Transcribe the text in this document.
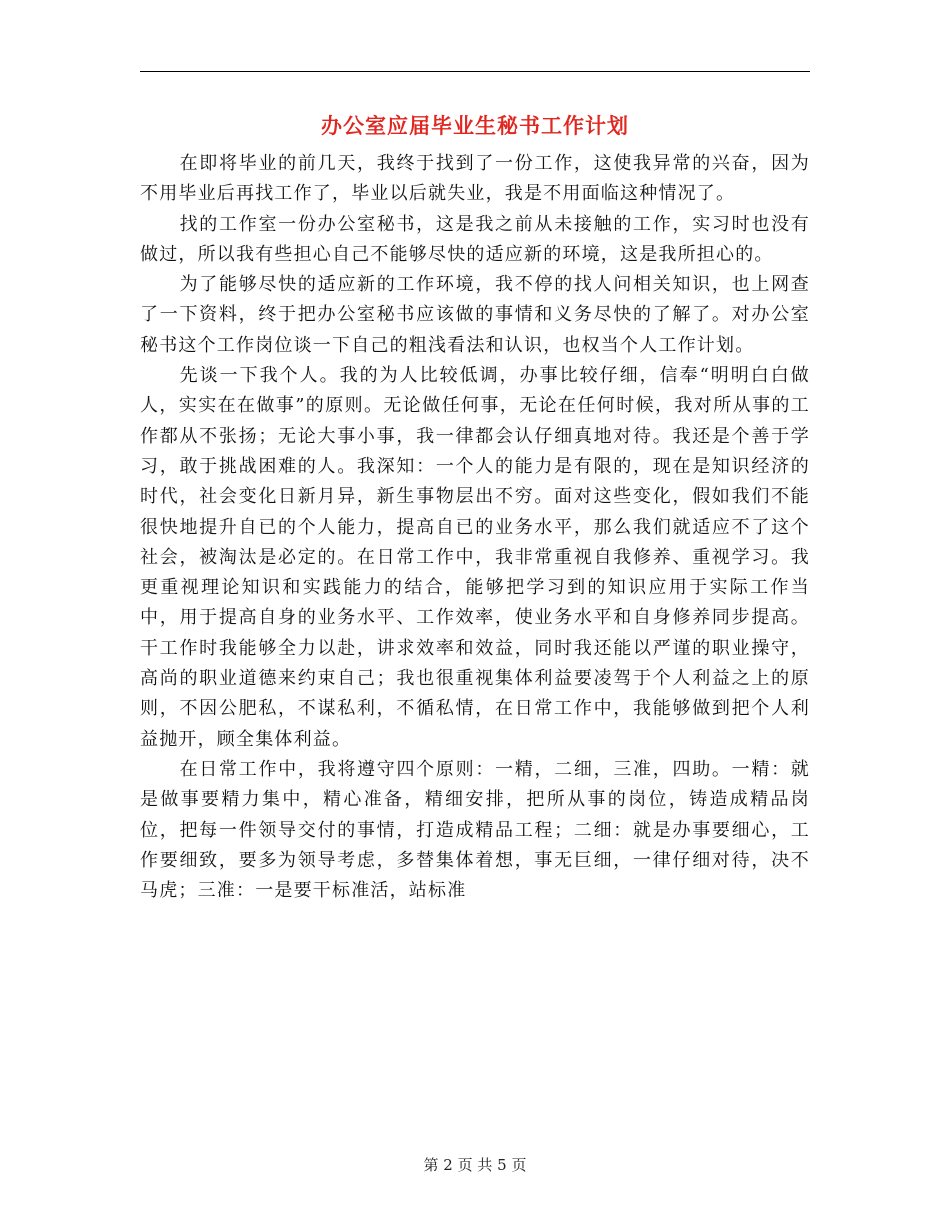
办公室应届毕业生秘书工作计划

在即将毕业的前几天，我终于找到了一份工作，这使我异常的兴奋，因为不用毕业后再找工作了，毕业以后就失业，我是不用面临这种情况了。

找的工作室一份办公室秘书，这是我之前从未接触的工作，实习时也没有做过，所以我有些担心自己不能够尽快的适应新的环境，这是我所担心的。

为了能够尽快的适应新的工作环境，我不停的找人问相关知识，也上网查了一下资料，终于把办公室秘书应该做的事情和义务尽快的了解了。对办公室秘书这个工作岗位谈一下自己的粗浅看法和认识，也权当个人工作计划。

先谈一下我个人。我的为人比较低调，办事比较仔细，信奉“明明白白做人，实实在在做事”的原则。无论做任何事，无论在任何时候，我对所从事的工作都从不张扬；无论大事小事，我一律都会认仔细真地对待。我还是个善于学习，敢于挑战困难的人。我深知：一个人的能力是有限的，现在是知识经济的时代，社会变化日新月异，新生事物层出不穷。面对这些变化，假如我们不能很快地提升自已的个人能力，提高自已的业务水平，那么我们就适应不了这个社会，被淘汰是必定的。在日常工作中，我非常重视自我修养、重视学习。我更重视理论知识和实践能力的结合，能够把学习到的知识应用于实际工作当中，用于提高自身的业务水平、工作效率，使业务水平和自身修养同步提高。干工作时我能够全力以赴，讲求效率和效益，同时我还能以严谨的职业操守，高尚的职业道德来约束自己；我也很重视集体利益要凌驾于个人利益之上的原则，不因公肥私，不谋私利，不循私情，在日常工作中，我能够做到把个人利益抛开，顾全集体利益。

在日常工作中，我将遵守四个原则：一精，二细，三准，四助。一精：就是做事要精力集中，精心准备，精细安排，把所从事的岗位，铸造成精品岗位，把每一件领导交付的事情，打造成精品工程；二细：就是办事要细心，工作要细致，要多为领导考虑，多替集体着想，事无巨细，一律仔细对待，决不马虎；三准：一是要干标准活，站标准

第 2 页 共 5 页
